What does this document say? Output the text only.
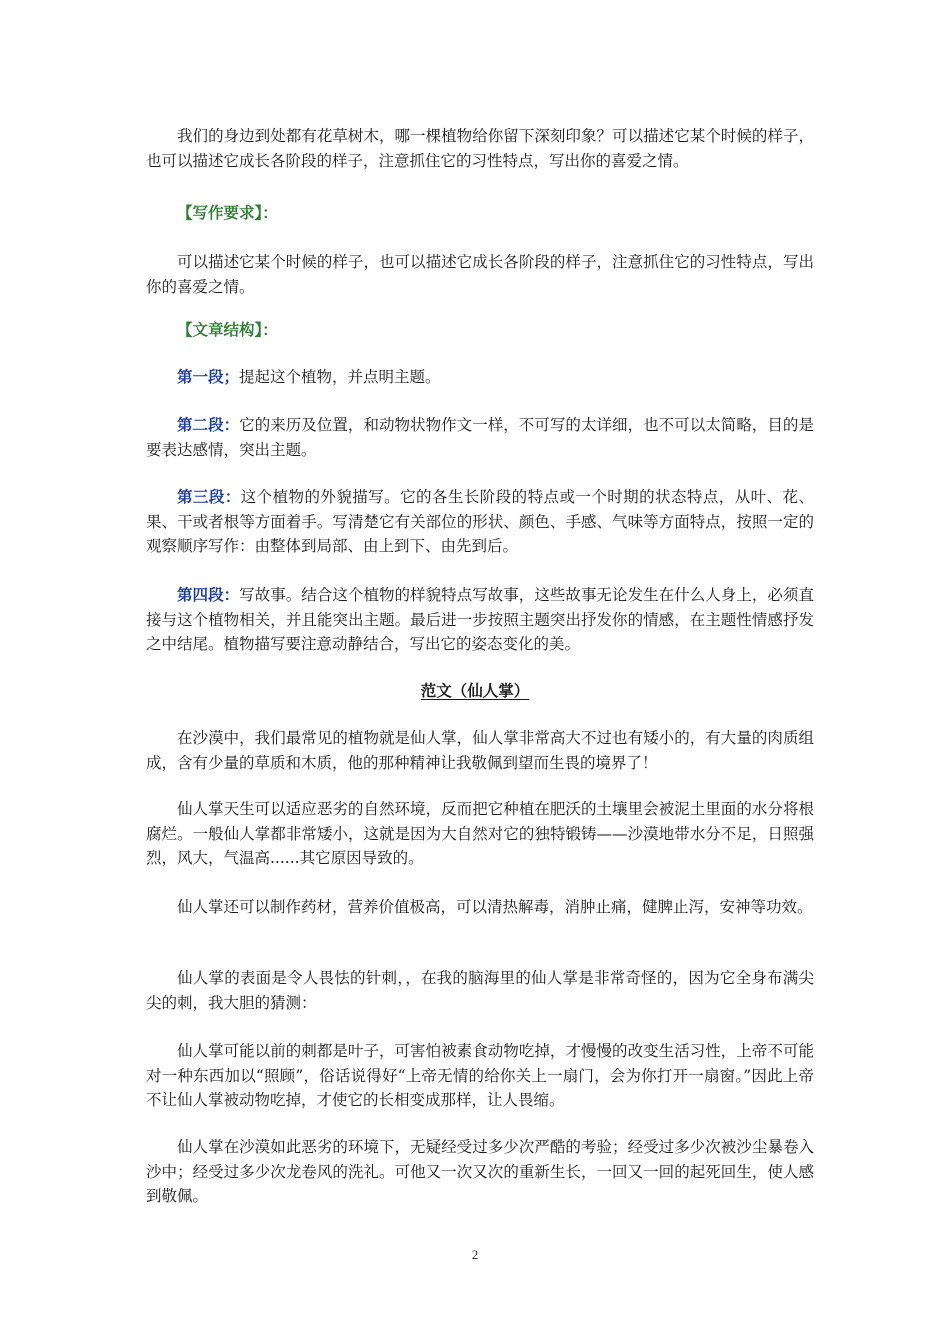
我们的身边到处都有花草树木，哪一棵植物给你留下深刻印象？可以描述它某个时候的样子，也可以描述它成长各阶段的样子，注意抓住它的习性特点，写出你的喜爱之情。
【写作要求】：
可以描述它某个时候的样子，也可以描述它成长各阶段的样子，注意抓住它的习性特点，写出你的喜爱之情。
【文章结构】：
第一段；提起这个植物，并点明主题。
第二段：它的来历及位置，和动物状物作文一样，不可写的太详细，也不可以太简略，目的是要表达感情，突出主题。
第三段：这个植物的外貌描写。它的各生长阶段的特点或一个时期的状态特点，从叶、花、果、干或者根等方面着手。写清楚它有关部位的形状、颜色、手感、气味等方面特点，按照一定的观察顺序写作：由整体到局部、由上到下、由先到后。
第四段：写故事。结合这个植物的样貌特点写故事，这些故事无论发生在什么人身上，必须直接与这个植物相关，并且能突出主题。最后进一步按照主题突出抒发你的情感，在主题性情感抒发之中结尾。植物描写要注意动静结合，写出它的姿态变化的美。
范文（仙人掌）
在沙漠中，我们最常见的植物就是仙人掌，仙人掌非常高大不过也有矮小的，有大量的肉质组成，含有少量的草质和木质，他的那种精神让我敬佩到望而生畏的境界了！
仙人掌天生可以适应恶劣的自然环境，反而把它种植在肥沃的土壤里会被泥土里面的水分将根腐烂。一般仙人掌都非常矮小，这就是因为大自然对它的独特锻铸——沙漠地带水分不足，日照强烈，风大，气温高......其它原因导致的。
仙人掌还可以制作药材，营养价值极高，可以清热解毒，消肿止痛，健脾止泻，安神等功效。
仙人掌的表面是令人畏怯的针刺，，在我的脑海里的仙人掌是非常奇怪的，因为它全身布满尖尖的刺，我大胆的猜测：
仙人掌可能以前的刺都是叶子，可害怕被素食动物吃掉，才慢慢的改变生活习性，上帝不可能对一种东西加以“照顾”，俗话说得好“上帝无情的给你关上一扇门，会为你打开一扇窗。”因此上帝不让仙人掌被动物吃掉，才使它的长相变成那样，让人畏缩。
仙人掌在沙漠如此恶劣的环境下，无疑经受过多少次严酷的考验；经受过多少次被沙尘暴卷入沙中；经受过多少次龙卷风的洗礼。可他又一次又次的重新生长，一回又一回的起死回生，使人感到敬佩。
2
